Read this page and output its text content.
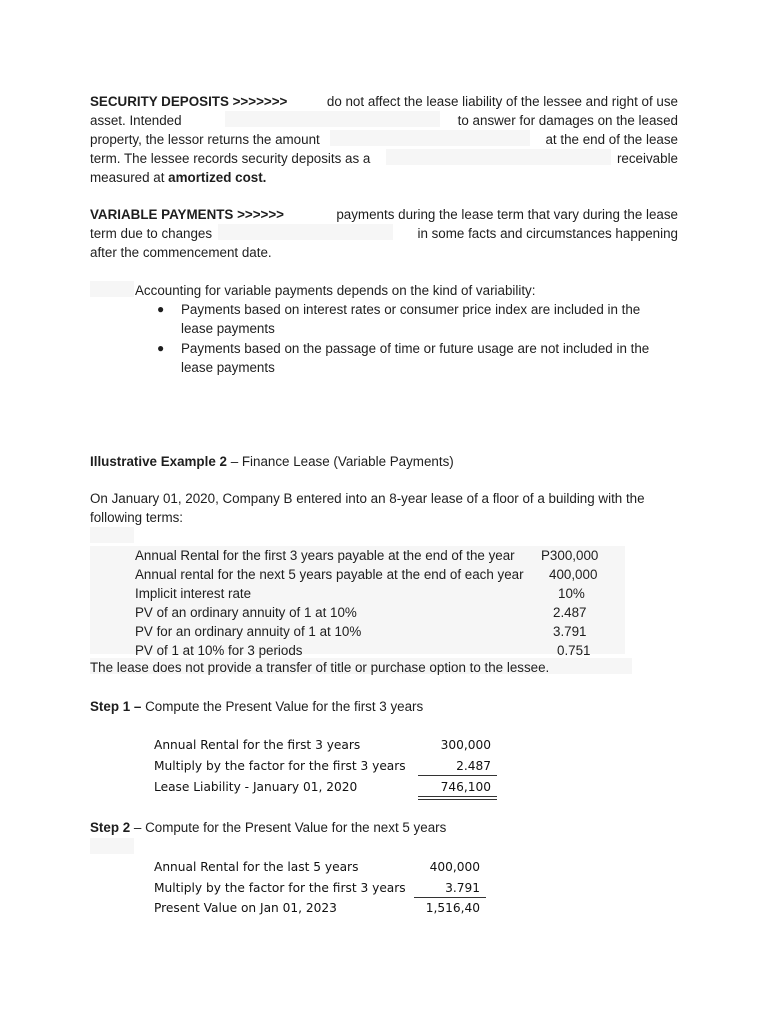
SECURITY DEPOSITS >>>>>>>	do not affect the lease liability of the lessee and right of use
asset. Intended	to answer for damages on the leased
property, the lessor returns the amount	at the end of the lease
term. The lessee records security deposits as a	receivable
measured at amortized cost.
VARIABLE PAYMENTS >>>>>>	payments during the lease term that vary during the lease
term due to changes	in some facts and circumstances happening
after the commencement date.
Accounting for variable payments depends on the kind of variability:
● Payments based on interest rates or consumer price index are included in the
lease payments
● Payments based on the passage of time or future usage are not included in the
lease payments
Illustrative Example 2 – Finance Lease (Variable Payments)
On January 01, 2020, Company B entered into an 8-year lease of a floor of a building with the
following terms:
Annual Rental for the first 3 years payable at the end of the year P300,000
Annual rental for the next 5 years payable at the end of each year 400,000
Implicit interest rate	10%
PV of an ordinary annuity of 1 at 10%	2.487
PV for an ordinary annuity of 1 at 10%	3.791
PV of 1 at 10% for 3 periods	0.751
The lease does not provide a transfer of title or purchase option to the lessee.
Step 1 – Compute the Present Value for the first 3 years
Annual Rental for the first 3 years	300,000
Multiply by the factor for the first 3 years	2.487
Lease Liability - January 01, 2020	746,100
Step 2 – Compute for the Present Value for the next 5 years
Annual Rental for the last 5 years	400,000
Multiply by the factor for the first 3 years	3.791
Present Value on Jan 01, 2023	1,516,40
